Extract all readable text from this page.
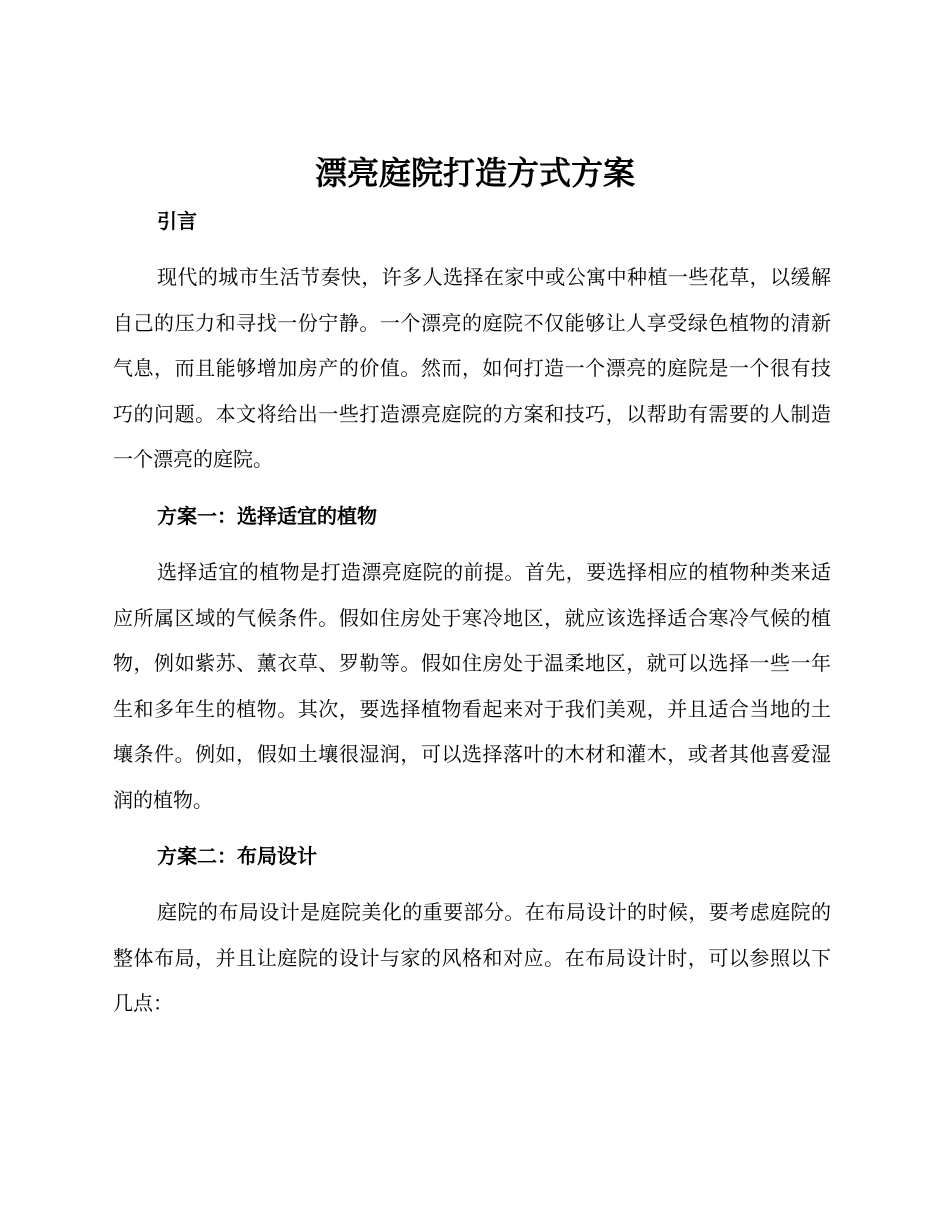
漂亮庭院打造方式方案
引言

现代的城市生活节奏快，许多人选择在家中或公寓中种植一些花草，以缓解自己的压力和寻找一份宁静。一个漂亮的庭院不仅能够让人享受绿色植物的清新气息，而且能够增加房产的价值。然而，如何打造一个漂亮的庭院是一个很有技巧的问题。本文将给出一些打造漂亮庭院的方案和技巧，以帮助有需要的人制造一个漂亮的庭院。

方案一：选择适宜的植物

选择适宜的植物是打造漂亮庭院的前提。首先，要选择相应的植物种类来适应所属区域的气候条件。假如住房处于寒冷地区，就应该选择适合寒冷气候的植物，例如紫苏、薰衣草、罗勒等。假如住房处于温柔地区，就可以选择一些一年生和多年生的植物。其次，要选择植物看起来对于我们美观，并且适合当地的土壤条件。例如，假如土壤很湿润，可以选择落叶的木材和灌木，或者其他喜爱湿润的植物。

方案二：布局设计

庭院的布局设计是庭院美化的重要部分。在布局设计的时候，要考虑庭院的整体布局，并且让庭院的设计与家的风格和对应。在布局设计时，可以参照以下几点：
